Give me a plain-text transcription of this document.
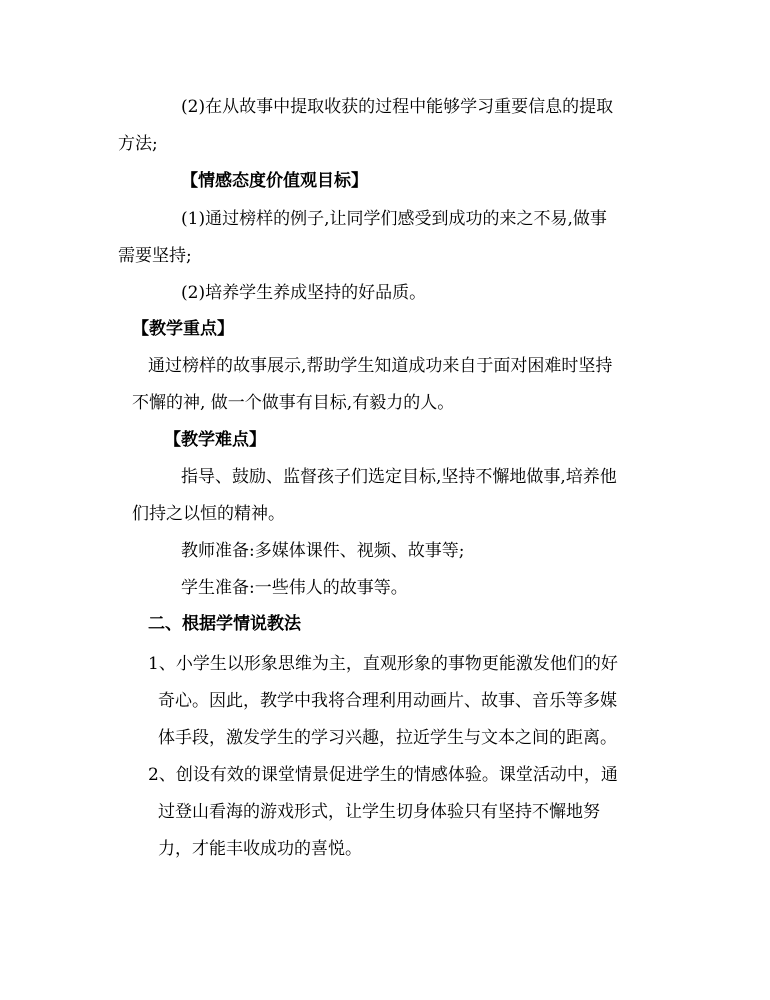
(2)在从故事中提取收获的过程中能够学习重要信息的提取
方法;
【情感态度价值观目标】
(1)通过榜样的例子,让同学们感受到成功的来之不易,做事
需要坚持;
(2)培养学生养成坚持的好品质。
【教学重点】
通过榜样的故事展示,帮助学生知道成功来自于面对困难时坚持
不懈的神, 做一个做事有目标,有毅力的人。
【教学难点】
指导、鼓励、监督孩子们选定目标,坚持不懈地做事,培养他
们持之以恒的精神。
教师准备:多媒体课件、视频、故事等;
学生准备:一些伟人的故事等。
二、根据学情说教法
1、小学生以形象思维为主，直观形象的事物更能激发他们的好
奇心。因此，教学中我将合理利用动画片、故事、音乐等多媒
体手段，激发学生的学习兴趣，拉近学生与文本之间的距离。
2、创设有效的课堂情景促进学生的情感体验。课堂活动中，通
过登山看海的游戏形式，让学生切身体验只有坚持不懈地努
力，才能丰收成功的喜悦。
